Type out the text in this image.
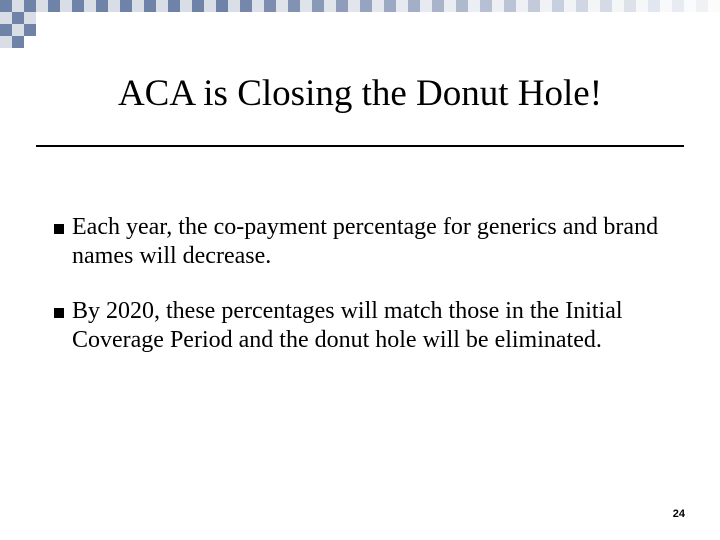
ACA is Closing the Donut Hole!
Each year, the co-payment percentage for generics and brand names will decrease.
By 2020, these percentages will match those in the Initial Coverage Period and the donut hole will be eliminated.
24
